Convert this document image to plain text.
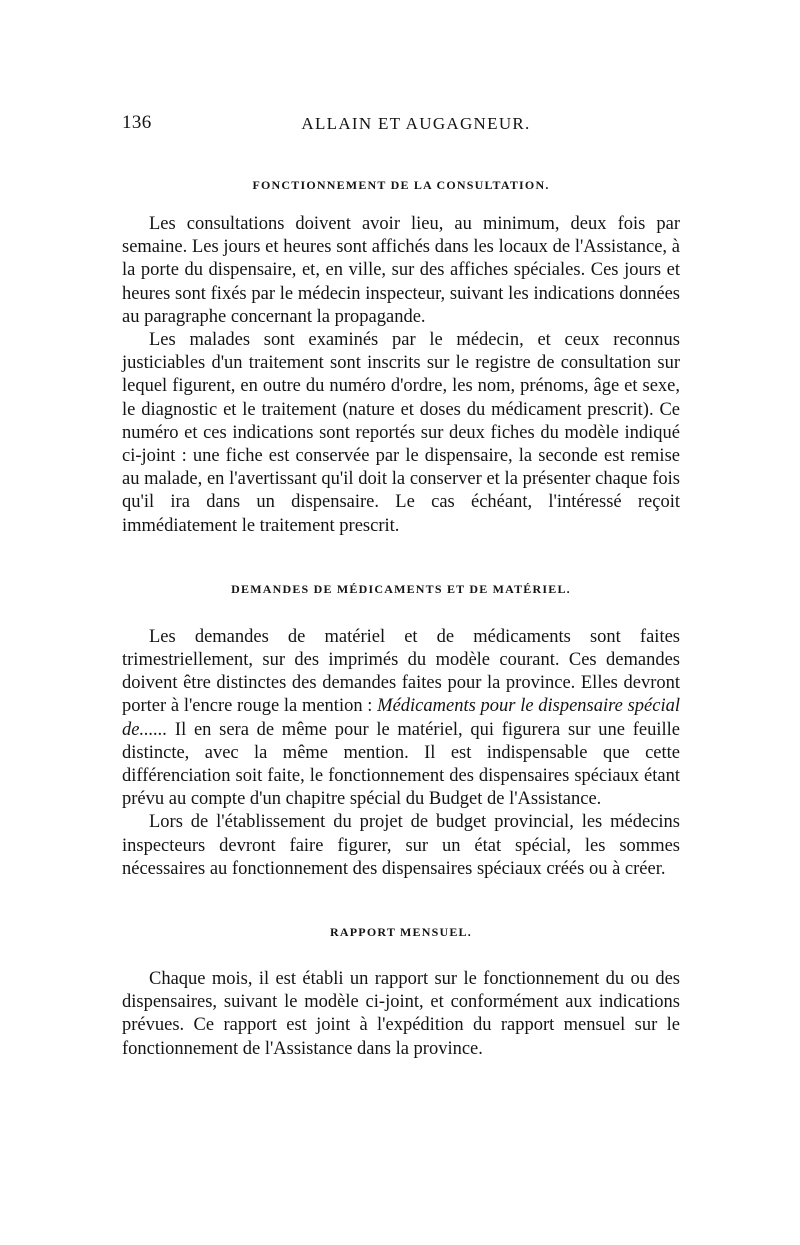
136	ALLAIN ET AUGAGNEUR.
FONCTIONNEMENT DE LA CONSULTATION.

Les consultations doivent avoir lieu, au minimum, deux fois par semaine. Les jours et heures sont affichés dans les locaux de l'Assistance, à la porte du dispensaire, et, en ville, sur des affiches spéciales. Ces jours et heures sont fixés par le médecin inspecteur, suivant les indications données au paragraphe concernant la propagande.

Les malades sont examinés par le médecin, et ceux reconnus justiciables d'un traitement sont inscrits sur le registre de consultation sur lequel figurent, en outre du numéro d'ordre, les nom, prénoms, âge et sexe, le diagnostic et le traitement (nature et doses du médicament prescrit). Ce numéro et ces indications sont reportés sur deux fiches du modèle indiqué ci-joint : une fiche est conservée par le dispensaire, la seconde est remise au malade, en l'avertissant qu'il doit la conserver et la présenter chaque fois qu'il ira dans un dispensaire. Le cas échéant, l'intéressé reçoit immédiatement le traitement prescrit.

DEMANDES DE MÉDICAMENTS ET DE MATÉRIEL.

Les demandes de matériel et de médicaments sont faites trimestriellement, sur des imprimés du modèle courant. Ces demandes doivent être distinctes des demandes faites pour la province. Elles devront porter à l'encre rouge la mention : Médicaments pour le dispensaire spécial de...... Il en sera de même pour le matériel, qui figurera sur une feuille distincte, avec la même mention. Il est indispensable que cette différenciation soit faite, le fonctionnement des dispensaires spéciaux étant prévu au compte d'un chapitre spécial du Budget de l'Assistance.

Lors de l'établissement du projet de budget provincial, les médecins inspecteurs devront faire figurer, sur un état spécial, les sommes nécessaires au fonctionnement des dispensaires spéciaux créés ou à créer.

RAPPORT MENSUEL.

Chaque mois, il est établi un rapport sur le fonctionnement du ou des dispensaires, suivant le modèle ci-joint, et conformément aux indications prévues. Ce rapport est joint à l'expédition du rapport mensuel sur le fonctionnement de l'Assistance dans la province.
